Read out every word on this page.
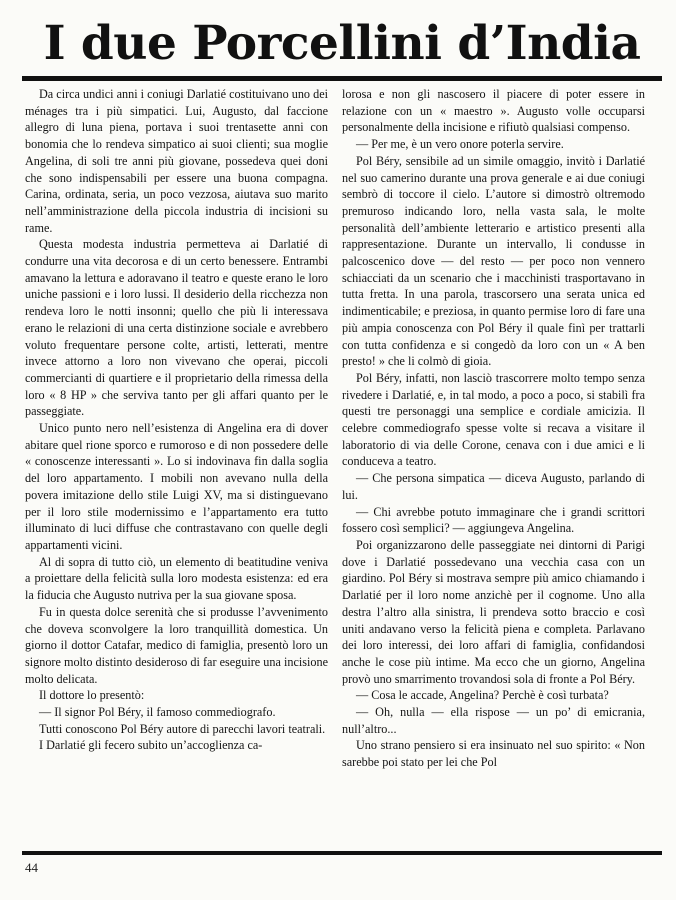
I due Porcellini d’India

Da circa undici anni i coniugi Darlatié costituivano uno dei ménages tra i più simpatici. Lui, Augusto, dal faccione allegro di luna piena, portava i suoi trentasette anni con bonomia che lo rendeva simpatico ai suoi clienti; sua moglie Angelina, di soli tre anni più giovane, possedeva quei doni che sono indispensabili per essere una buona compagna. Carina, ordinata, seria, un poco vezzosa, aiutava suo marito nell’amministrazione della piccola industria di incisioni su rame.

Questa modesta industria permetteva ai Darlatié di condurre una vita decorosa e di un certo benessere. Entrambi amavano la lettura e adoravano il teatro e queste erano le loro uniche passioni e i loro lussi. Il desiderio della ricchezza non rendeva loro le notti insonni; quello che più li interessava erano le relazioni di una certa distinzione sociale e avrebbero voluto frequentare persone colte, artisti, letterati, mentre invece attorno a loro non vivevano che operai, piccoli commercianti di quartiere e il proprietario della rimessa della loro « 8 HP » che serviva tanto per gli affari quanto per le passeggiate.

Unico punto nero nell’esistenza di Angelina era di dover abitare quel rione sporco e rumoroso e di non possedere delle « conoscenze interessanti ». Lo si indovinava fin dalla soglia del loro appartamento. I mobili non avevano nulla della povera imitazione dello stile Luigi XV, ma si distinguevano per il loro stile modernissimo e l’appartamento era tutto illuminato di luci diffuse che contrastavano con quelle degli appartamenti vicini.

Al di sopra di tutto ciò, un elemento di beatitudine veniva a proiettare della felicità sulla loro modesta esistenza: ed era la fiducia che Augusto nutriva per la sua giovane sposa.

Fu in questa dolce serenità che si produsse l’avvenimento che doveva sconvolgere la loro tranquillità domestica. Un giorno il dottor Catafar, medico di famiglia, presentò loro un signore molto distinto desideroso di far eseguire una incisione molto delicata.

Il dottore lo presentò:

— Il signor Pol Béry, il famoso commediografo.

Tutti conoscono Pol Béry autore di parecchi lavori teatrali.

I Darlatié gli fecero subito un’accoglienza ca-

lorosa e non gli nascosero il piacere di poter essere in relazione con un « maestro ». Augusto volle occuparsi personalmente della incisione e rifiutò qualsiasi compenso.

— Per me, è un vero onore poterla servire.

Pol Béry, sensibile ad un simile omaggio, invitò i Darlatié nel suo camerino durante una prova generale e ai due coniugi sembrò di toccore il cielo. L’autore si dimostrò oltremodo premuroso indicando loro, nella vasta sala, le molte personalità dell’ambiente letterario e artistico presenti alla rappresentazione. Durante un intervallo, li condusse in palcoscenico dove — del resto — per poco non vennero schiacciati da un scenario che i macchinisti trasportavano in tutta fretta. In una parola, trascorsero una serata unica ed indimenticabile; e preziosa, in quanto permise loro di fare una più ampia conoscenza con Pol Béry il quale finì per trattarli con tutta confidenza e si congedò da loro con un « A ben presto! » che li colmò di gioia.

Pol Béry, infatti, non lasciò trascorrere molto tempo senza rivedere i Darlatié, e, in tal modo, a poco a poco, si stabilì fra questi tre personaggi una semplice e cordiale amicizia. Il celebre commediografo spesse volte si recava a visitare il laboratorio di via delle Corone, cenava con i due amici e li conduceva a teatro.

— Che persona simpatica — diceva Augusto, parlando di lui.

— Chi avrebbe potuto immaginare che i grandi scrittori fossero così semplici? — aggiungeva Angelina.

Poi organizzarono delle passeggiate nei dintorni di Parigi dove i Darlatié possedevano una vecchia casa con un giardino. Pol Béry si mostrava sempre più amico chiamando i Darlatié per il loro nome anzichè per il cognome. Uno alla destra l’altro alla sinistra, li prendeva sotto braccio e così uniti andavano verso la felicità piena e completa. Parlavano dei loro interessi, dei loro affari di famiglia, confidandosi anche le cose più intime. Ma ecco che un giorno, Angelina provò uno smarrimento trovandosi sola di fronte a Pol Béry.

— Cosa le accade, Angelina? Perchè è così turbata?

— Oh, nulla — ella rispose — un po’ di emicrania, null’altro...

Uno strano pensiero si era insinuato nel suo spirito: « Non sarebbe poi stato per lei che Pol

44
